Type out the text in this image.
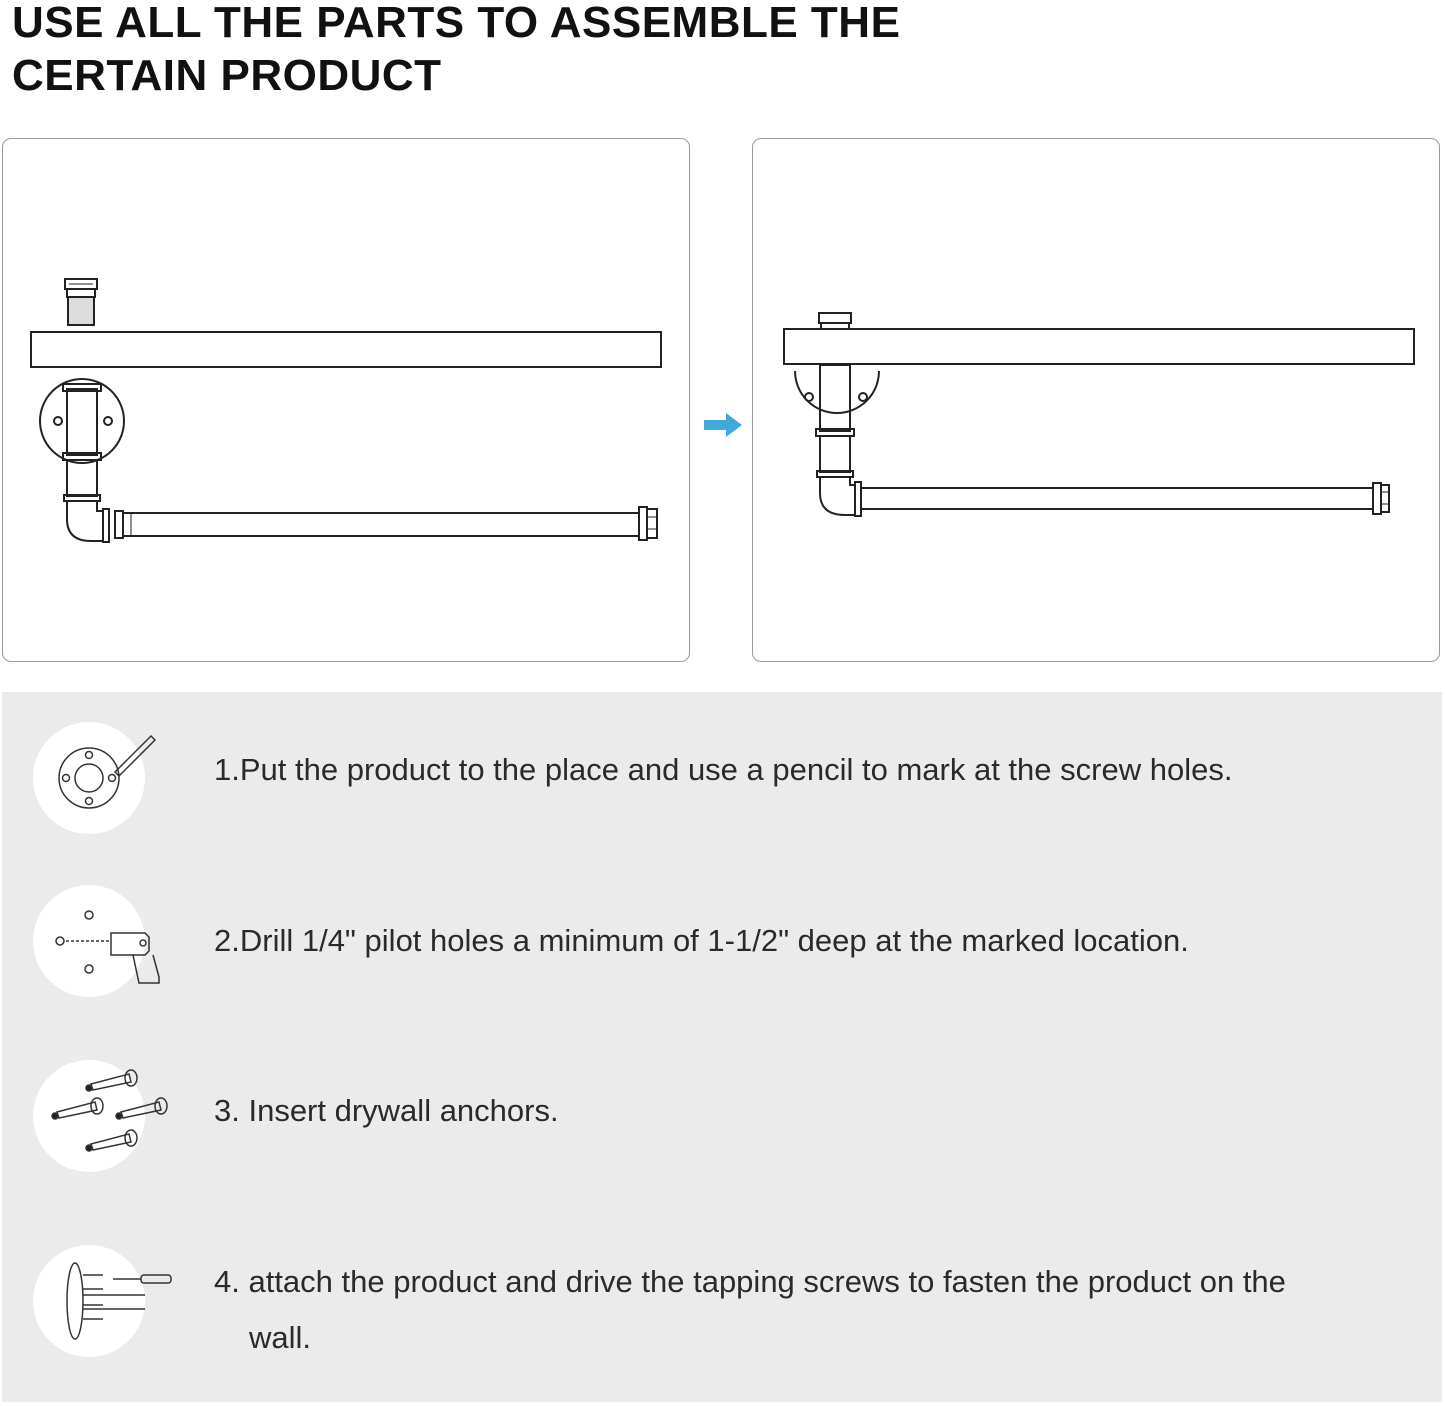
USE ALL THE PARTS TO ASSEMBLE THE
CERTAIN PRODUCT
1.Put the product to the place and use a pencil to mark at the screw holes.
2.Drill 1/4" pilot holes a minimum of 1-1/2" deep at the marked location.
3. Insert drywall anchors.
4. attach the product and drive the tapping screws to fasten the product on the
wall.
